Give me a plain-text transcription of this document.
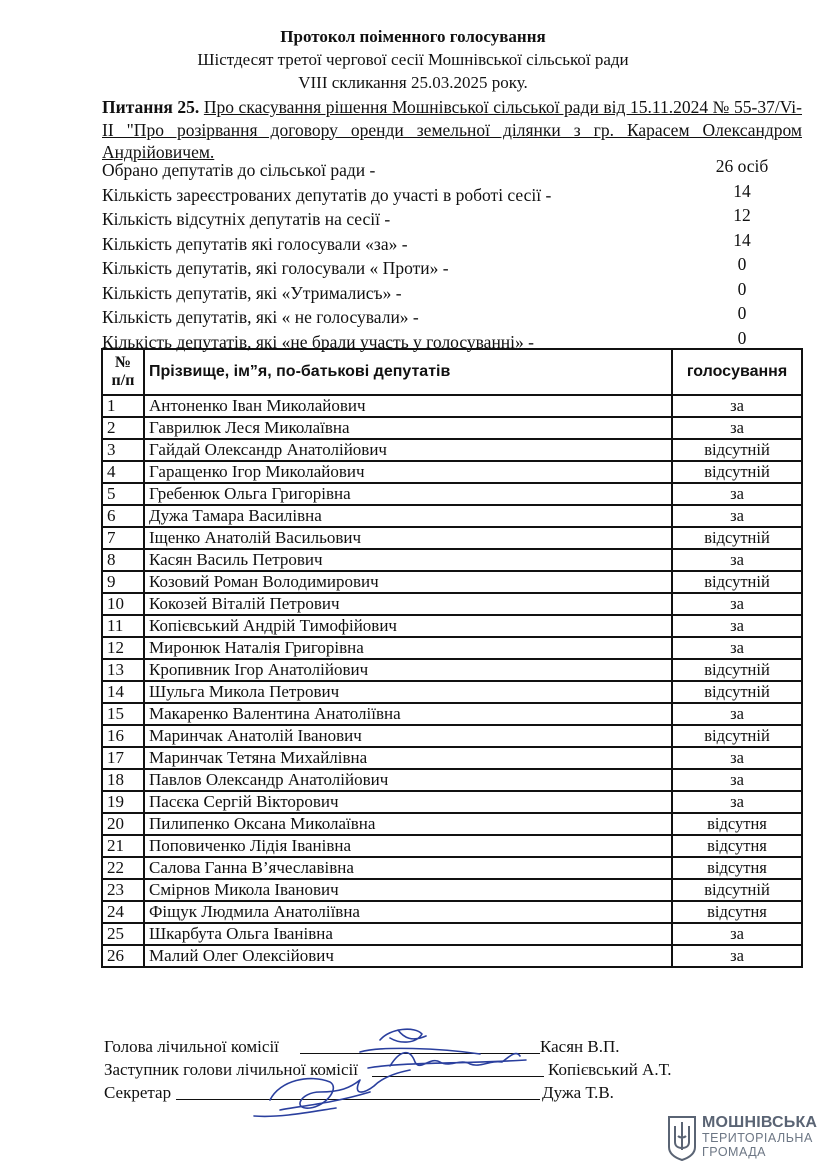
Протокол поіменного голосування
Шістдесят третої чергової сесії Мошнівської сільської ради
VIII скликання 25.03.2025 року.
Питання 25. Про скасування рішення Мошнівської сільської ради від 15.11.2024 № 55-37/Vi-II "Про розірвання договору оренди земельної ділянки з гр. Карасем Олександром Андрійовичем.
Обрано депутатів до сільської ради -	26 осіб
Кількість зареєстрованих депутатів до участі в роботі сесії -	14
Кількість відсутніх депутатів на сесії -	12
Кількість депутатів які голосували «за» -	14
Кількість депутатів, які голосували « Проти» -	0
Кількість депутатів, які «Утрималисъ» -	0
Кількість депутатів, які « не голосували» -	0
Кількість депутатів, які «не брали участь у голосуванні» -	0
№
п/п	Прізвище, ім”я, по-батькові депутатів	голосування
1	Антоненко Іван Миколайович	за
2	Гаврилюк Леся Миколаївна	за
3	Гайдай Олександр Анатолійович	відсутній
4	Гаращенко Ігор Миколайович	відсутній
5	Гребенюк Ольга Григорівна	за
6	Дужа Тамара Василівна	за
7	Іщенко Анатолій Васильович	відсутній
8	Касян Василь Петрович	за
9	Козовий Роман Володимирович	відсутній
10	Кокозей Віталій Петрович	за
11	Копієвський Андрій Тимофійович	за
12	Миронюк Наталія Григорівна	за
13	Кропивник Ігор Анатолійович	відсутній
14	Шульга Микола Петрович	відсутній
15	Макаренко Валентина Анатоліївна	за
16	Маринчак Анатолій Іванович	відсутній
17	Маринчак Тетяна Михайлівна	за
18	Павлов Олександр Анатолійович	за
19	Пасєка Сергій Вікторович	за
20	Пилипенко Оксана Миколаївна	відсутня
21	Поповиченко Лідія Іванівна	відсутня
22	Салова Ганна В’ячеславівна	відсутня
23	Смірнов Микола Іванович	відсутній
24	Фіщук Людмила Анатоліївна	відсутня
25	Шкарбута Ольга Іванівна	за
26	Малий Олег Олексійович	за
Голова лічильної комісії	Касян В.П.
Заступник голови лічильної комісії	Копієвський А.Т.
Секретар	Дужа Т.В.
МОШНІВСЬКА
ТЕРИТОРІАЛЬНА
ГРОМАДА
